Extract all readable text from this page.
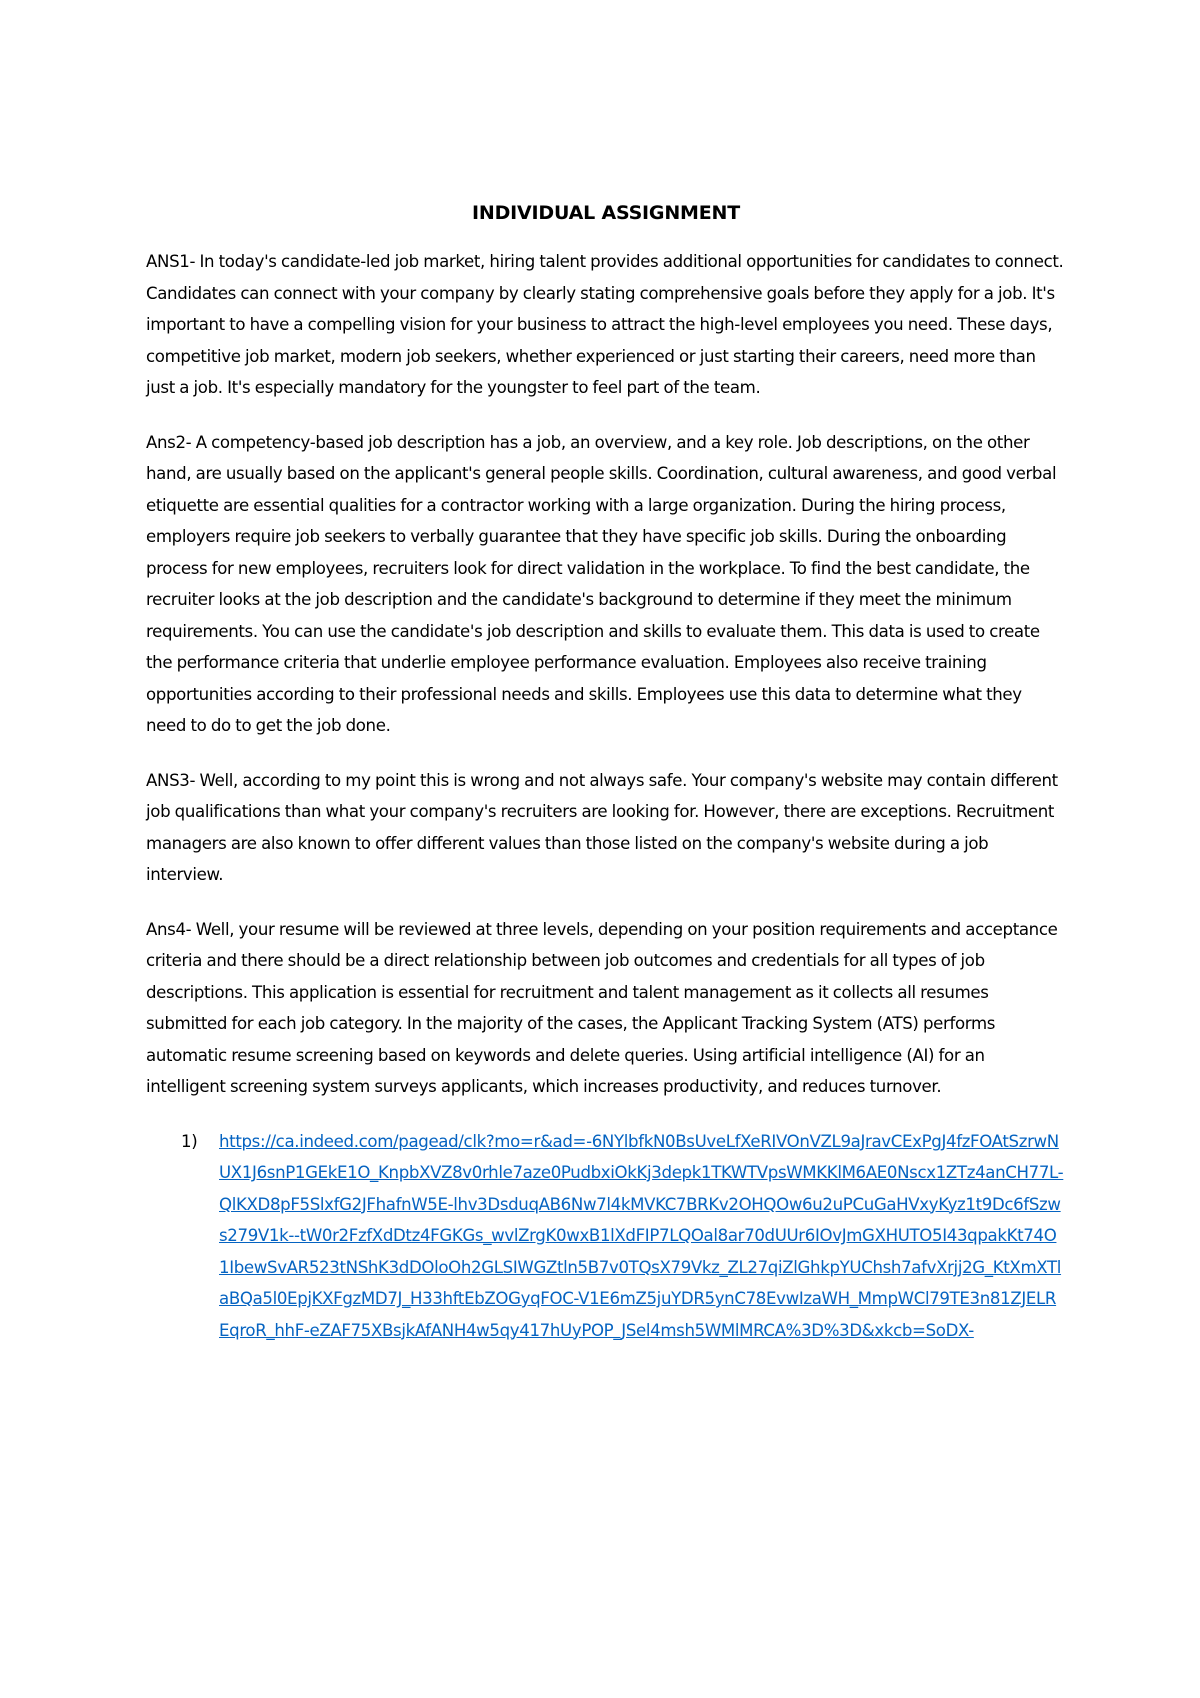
INDIVIDUAL ASSIGNMENT

ANS1- In today's candidate-led job market, hiring talent provides additional opportunities for candidates to connect. Candidates can connect with your company by clearly stating comprehensive goals before they apply for a job. It's important to have a compelling vision for your business to attract the high-level employees you need. These days, competitive job market, modern job seekers, whether experienced or just starting their careers, need more than just a job. It's especially mandatory for the youngster to feel part of the team.

Ans2- A competency-based job description has a job, an overview, and a key role. Job descriptions, on the other hand, are usually based on the applicant's general people skills. Coordination, cultural awareness, and good verbal etiquette are essential qualities for a contractor working with a large organization. During the hiring process, employers require job seekers to verbally guarantee that they have specific job skills. During the onboarding process for new employees, recruiters look for direct validation in the workplace. To find the best candidate, the recruiter looks at the job description and the candidate's background to determine if they meet the minimum requirements. You can use the candidate's job description and skills to evaluate them. This data is used to create the performance criteria that underlie employee performance evaluation. Employees also receive training opportunities according to their professional needs and skills. Employees use this data to determine what they need to do to get the job done.

ANS3- Well, according to my point this is wrong and not always safe. Your company's website may contain different job qualifications than what your company's recruiters are looking for. However, there are exceptions. Recruitment managers are also known to offer different values than those listed on the company's website during a job interview.

Ans4- Well, your resume will be reviewed at three levels, depending on your position requirements and acceptance criteria and there should be a direct relationship between job outcomes and credentials for all types of job descriptions. This application is essential for recruitment and talent management as it collects all resumes submitted for each job category. In the majority of the cases, the Applicant Tracking System (ATS) performs automatic resume screening based on keywords and delete queries. Using artificial intelligence (AI) for an intelligent screening system surveys applicants, which increases productivity, and reduces turnover.

1) https://ca.indeed.com/pagead/clk?mo=r&ad=-6NYlbfkN0BsUveLfXeRIVOnVZL9aJravCExPgJ4fzFOAtSzrwNUX1J6snP1GEkE1O_KnpbXVZ8v0rhle7aze0PudbxiOkKj3depk1TKWTVpsWMKKlM6AE0Nscx1ZTz4anCH77L-QlKXD8pF5SlxfG2JFhafnW5E-lhv3DsduqAB6Nw7l4kMVKC7BRKv2OHQOw6u2uPCuGaHVxyKyz1t9Dc6fSzws279V1k--tW0r2FzfXdDtz4FGKGs_wvlZrgK0wxB1lXdFIP7LQOal8ar70dUUr6IOvJmGXHUTO5I43qpakKt74O1IbewSvAR523tNShK3dDOloOh2GLSIWGZtln5B7v0TQsX79Vkz_ZL27qiZlGhkpYUChsh7afvXrjj2G_KtXmXTlaBQa5l0EpjKXFgzMD7J_H33hftEbZOGyqFOC-V1E6mZ5juYDR5ynC78EvwIzaWH_MmpWCl79TE3n81ZJELREqroR_hhF-eZAF75XBsjkAfANH4w5qy417hUyPOP_JSel4msh5WMlMRCA%3D%3D&xkcb=SoDX-
